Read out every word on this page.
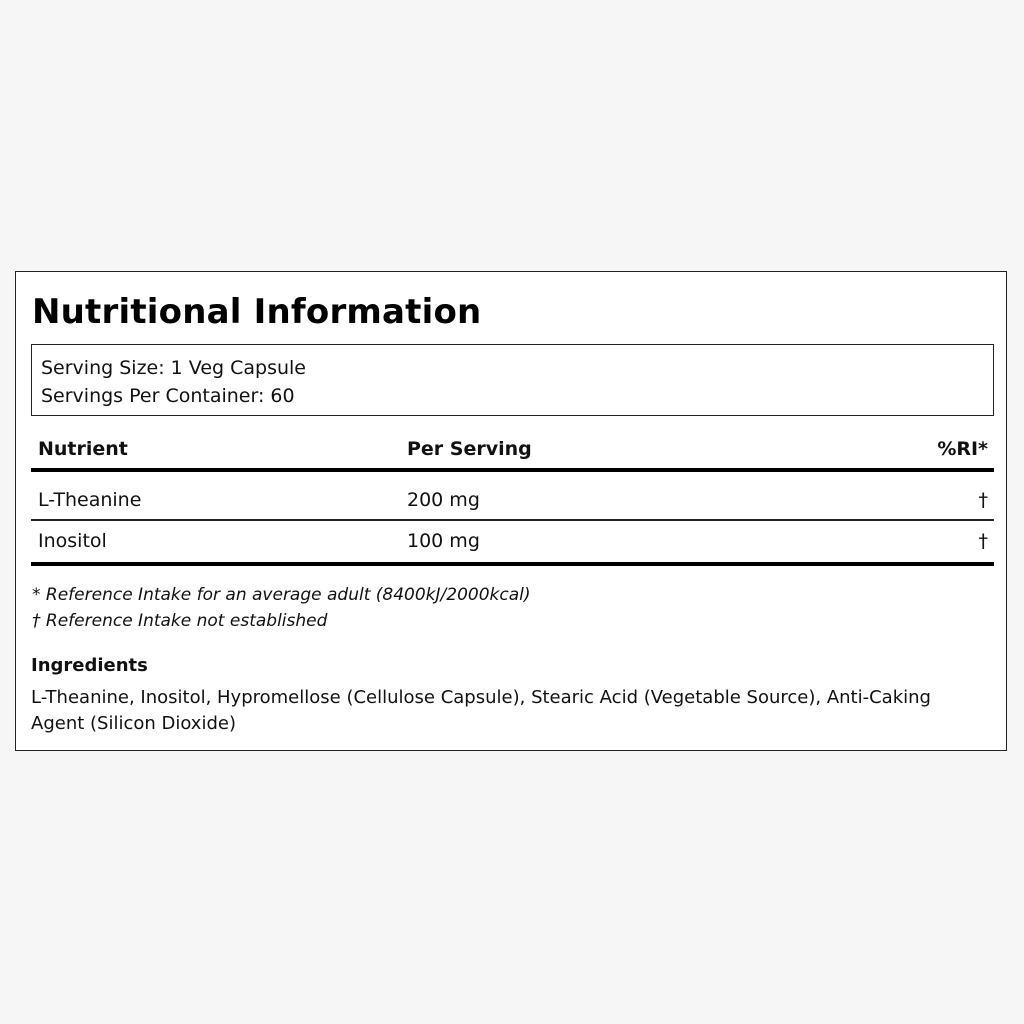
Nutritional Information
Serving Size: 1 Veg Capsule
Servings Per Container: 60
Nutrient	Per Serving	%RI*
L-Theanine	200 mg	†
Inositol	100 mg	†
* Reference Intake for an average adult (8400kJ/2000kcal)
† Reference Intake not established
Ingredients

L-Theanine, Inositol, Hypromellose (Cellulose Capsule), Stearic Acid (Vegetable Source), Anti-Caking Agent (Silicon Dioxide)
